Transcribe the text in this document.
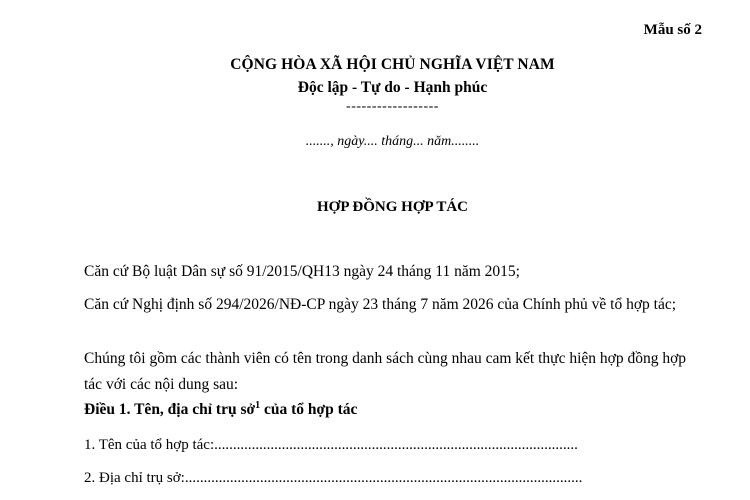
Mẫu số 2
CỘNG HÒA XÃ HỘI CHỦ NGHĨA VIỆT NAM
Độc lập - Tự do - Hạnh phúc
------------------
......., ngày.... tháng... năm........
HỢP ĐỒNG HỢP TÁC
Căn cứ Bộ luật Dân sự số 91/2015/QH13 ngày 24 tháng 11 năm 2015;
Căn cứ Nghị định số 294/2026/NĐ-CP ngày 23 tháng 7 năm 2026 của Chính phủ về tổ hợp tác;
Chúng tôi gồm các thành viên có tên trong danh sách cùng nhau cam kết thực hiện hợp đồng hợp tác với các nội dung sau:
Điều 1. Tên, địa chỉ trụ sở$^1$ của tổ hợp tác
1. Tên của tổ hợp tác:.................................................................................................
2. Địa chỉ trụ sở:..........................................................................................................
